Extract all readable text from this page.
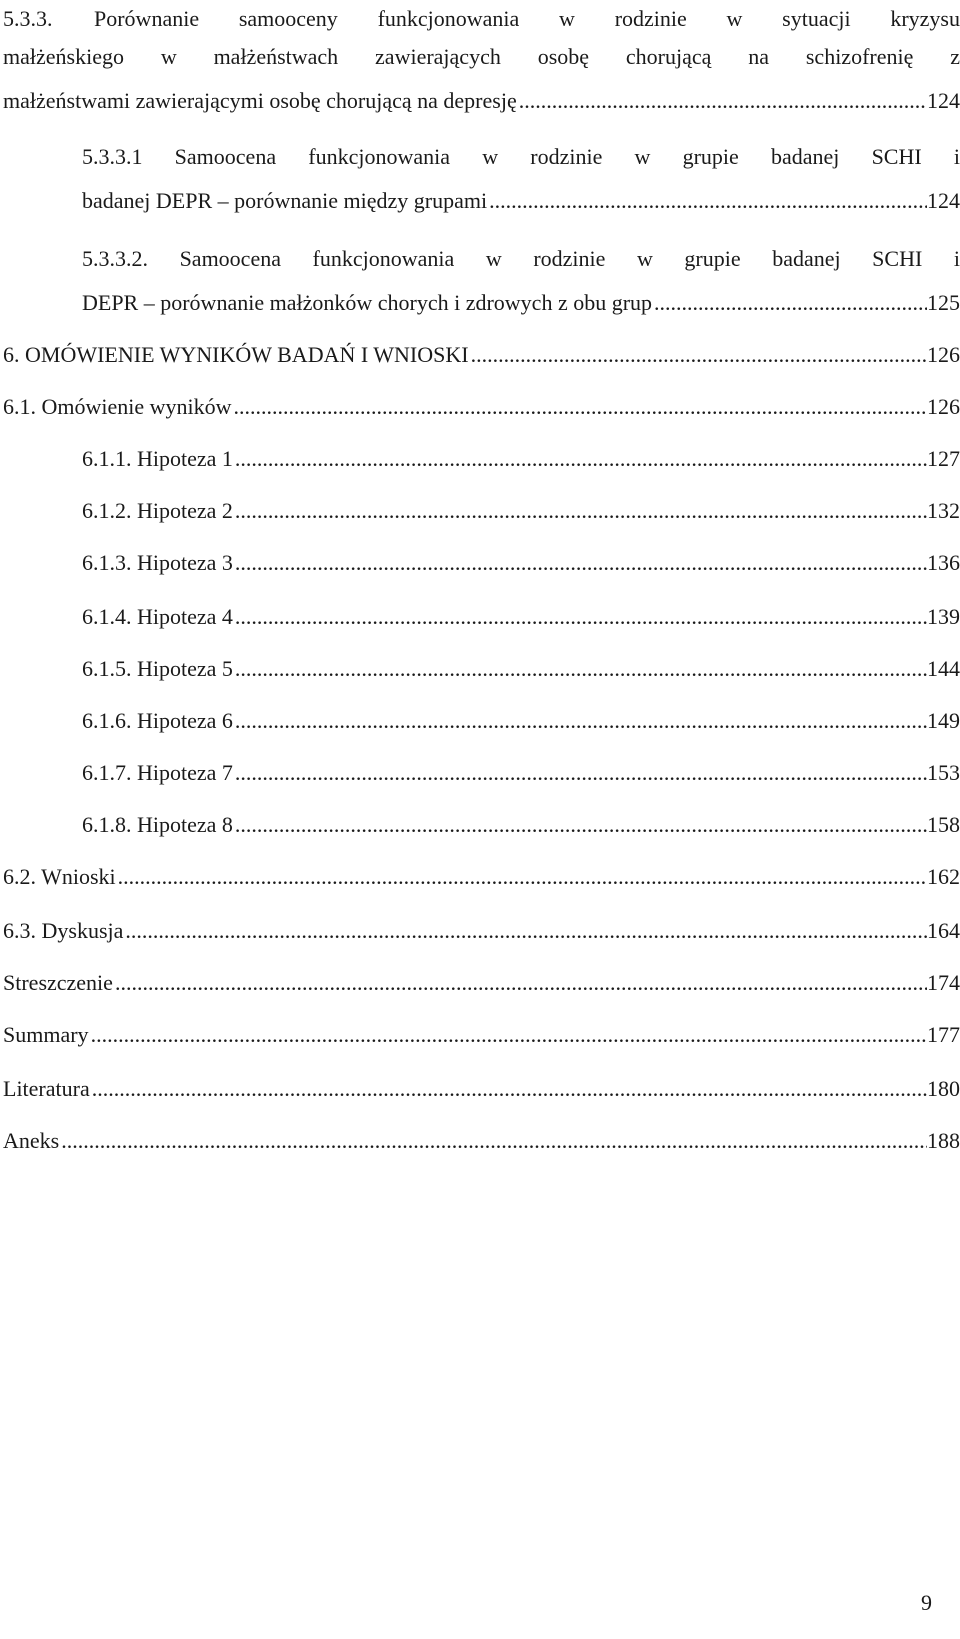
5.3.3. Porównanie samooceny funkcjonowania w rodzinie w sytuacji kryzysu
małżeńskiego w małżeństwach zawierających osobę chorującą na schizofrenię z
małżeństwami zawierającymi osobę chorującą na depresję .....	124
5.3.3.1 Samoocena funkcjonowania w rodzinie w grupie badanej SCHI i
badanej DEPR – porównanie między grupami .....	124
5.3.3.2. Samoocena funkcjonowania w rodzinie w grupie badanej SCHI i
DEPR – porównanie małżonków chorych i zdrowych z obu grup .....	125
6. OMÓWIENIE WYNIKÓW BADAŃ I WNIOSKI .....	126
6.1. Omówienie wyników .....	126
6.1.1. Hipoteza 1 .....	127
6.1.2. Hipoteza 2 .....	132
6.1.3. Hipoteza 3 .....	136
6.1.4. Hipoteza 4 .....	139
6.1.5. Hipoteza 5 .....	144
6.1.6. Hipoteza 6 .....	149
6.1.7. Hipoteza 7 .....	153
6.1.8. Hipoteza 8 .....	158
6.2. Wnioski .....	162
6.3. Dyskusja .....	164
Streszczenie .....	174
Summary .....	177
Literatura .....	180
Aneks .....	188
9
